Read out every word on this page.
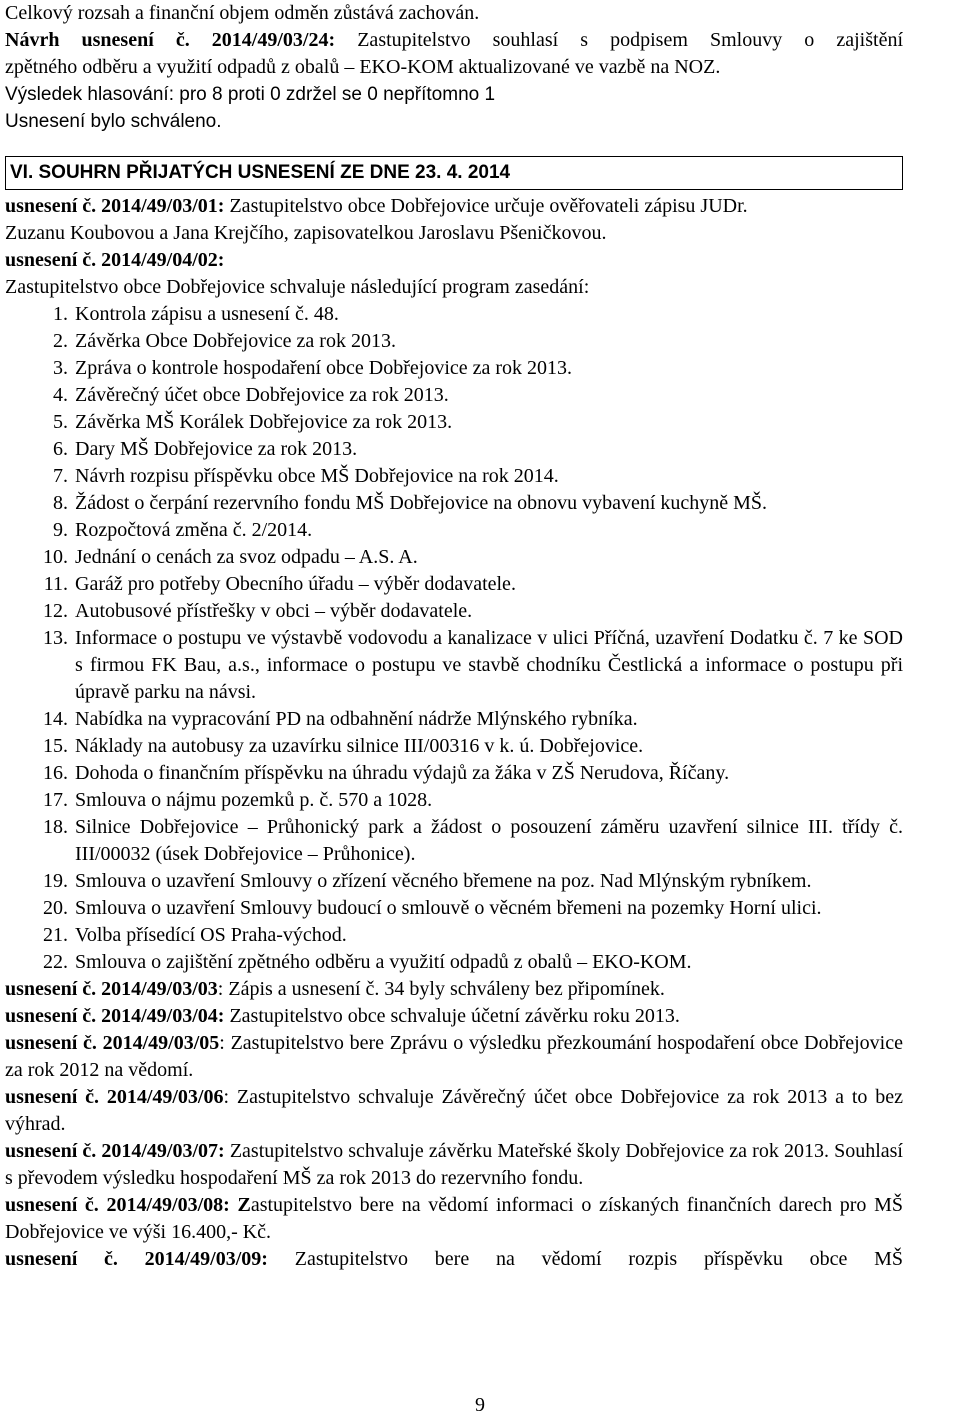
Celkový rozsah a finanční objem odměn zůstává zachován.
Návrh usnesení č. 2014/49/03/24: Zastupitelstvo souhlasí s podpisem Smlouvy o zajištění
zpětného odběru a využití odpadů z obalů – EKO-KOM aktualizované ve vazbě na NOZ.
Výsledek hlasování: pro 8 proti 0 zdržel se 0 nepřítomno 1
Usnesení bylo schváleno.
VI. SOUHRN PŘIJATÝCH USNESENÍ ZE DNE 23. 4. 2014
usnesení č. 2014/49/03/01: Zastupitelstvo obce Dobřejovice určuje ověřovateli zápisu JUDr.
Zuzanu Koubovou a Jana Krejčího, zapisovatelkou Jaroslavu Pšeničkovou.
usnesení č. 2014/49/04/02:
Zastupitelstvo obce Dobřejovice schvaluje následující program zasedání:
1. Kontrola zápisu a usnesení č. 48.
2. Závěrka Obce Dobřejovice za rok 2013.
3. Zpráva o kontrole hospodaření obce Dobřejovice za rok 2013.
4. Závěrečný účet obce Dobřejovice za rok 2013.
5. Závěrka MŠ Korálek Dobřejovice za rok 2013.
6. Dary MŠ Dobřejovice za rok 2013.
7. Návrh rozpisu příspěvku obce MŠ Dobřejovice na rok 2014.
8. Žádost o čerpání rezervního fondu MŠ Dobřejovice na obnovu vybavení kuchyně MŠ.
9. Rozpočtová změna č. 2/2014.
10. Jednání o cenách za svoz odpadu – A.S. A.
11. Garáž pro potřeby Obecního úřadu – výběr dodavatele.
12. Autobusové přístřešky v obci – výběr dodavatele.
13. Informace o postupu ve výstavbě vodovodu a kanalizace v ulici Příčná, uzavření Dodatku č. 7 ke SOD s firmou FK Bau, a.s., informace o postupu ve stavbě chodníku Čestlická a informace o postupu při úpravě parku na návsi.
14. Nabídka na vypracování PD na odbahnění nádrže Mlýnského rybníka.
15. Náklady na autobusy za uzavírku silnice III/00316 v k. ú. Dobřejovice.
16. Dohoda o finančním příspěvku na úhradu výdajů za žáka v ZŠ Nerudova, Říčany.
17. Smlouva o nájmu pozemků p. č. 570 a 1028.
18. Silnice Dobřejovice – Průhonický park a žádost o posouzení záměru uzavření silnice III. třídy č. III/00032 (úsek Dobřejovice – Průhonice).
19. Smlouva o uzavření Smlouvy o zřízení věcného břemene na poz. Nad Mlýnským rybníkem.
20. Smlouva o uzavření Smlouvy budoucí o smlouvě o věcném břemeni na pozemky Horní ulici.
21. Volba přísedící OS Praha-východ.
22. Smlouva o zajištění zpětného odběru a využití odpadů z obalů – EKO-KOM.
usnesení č. 2014/49/03/03: Zápis a usnesení č. 34 byly schváleny bez připomínek.
usnesení č. 2014/49/03/04: Zastupitelstvo obce schvaluje účetní závěrku roku 2013.
usnesení č. 2014/49/03/05: Zastupitelstvo bere Zprávu o výsledku přezkoumání hospodaření obce Dobřejovice za rok 2012 na vědomí.
usnesení č. 2014/49/03/06: Zastupitelstvo schvaluje Závěrečný účet obce Dobřejovice za rok 2013 a to bez výhrad.
usnesení č. 2014/49/03/07: Zastupitelstvo schvaluje závěrku Mateřské školy Dobřejovice za rok 2013. Souhlasí s převodem výsledku hospodaření MŠ za rok 2013 do rezervního fondu.
usnesení č. 2014/49/03/08: Zastupitelstvo bere na vědomí informaci o získaných finančních darech pro MŠ Dobřejovice ve výši 16.400,- Kč.
usnesení č. 2014/49/03/09: Zastupitelstvo bere na vědomí rozpis příspěvku obce MŠ
9
